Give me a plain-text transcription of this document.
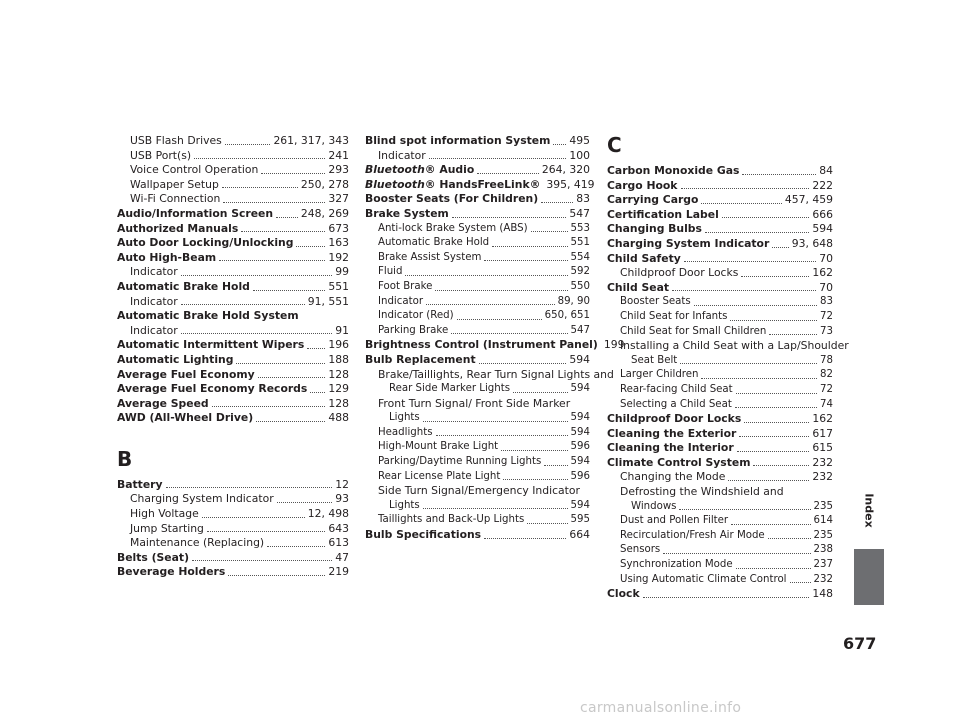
USB Flash Drives	261, 317, 343
USB Port(s)	241
Voice Control Operation	293
Wallpaper Setup	250, 278
Wi-Fi Connection	327
Audio/Information Screen	248, 269
Authorized Manuals	673
Auto Door Locking/Unlocking	163
Auto High-Beam	192
Indicator	99
Automatic Brake Hold	551
Indicator	91, 551
Automatic Brake Hold System
Indicator	91
Automatic Intermittent Wipers 196
Automatic Lighting	188
Average Fuel Economy	128
Average Fuel Economy Records 129
Average Speed	128
AWD (All-Wheel Drive)	488
B
Battery	12
Charging System Indicator	93
High Voltage	12, 498
Jump Starting	643
Maintenance (Replacing)	613
Belts (Seat)	47
Beverage Holders	219
Blind spot information System 495
Indicator	100
Bluetooth® Audio	264, 320
Bluetooth® HandsFreeLink® 395, 419
Booster Seats (For Children)	83
Brake System	547
Anti-lock Brake System (ABS)	553
Automatic Brake Hold	551
Brake Assist System	554
Fluid	592
Foot Brake	550
Indicator	89, 90
Indicator (Red)	650, 651
Parking Brake	547
Brightness Control (Instrument Panel) 199
Bulb Replacement	594
Brake/Taillights, Rear Turn Signal Lights and
Rear Side Marker Lights	594
Front Turn Signal/ Front Side Marker
Lights	594
Headlights	594
High-Mount Brake Light	596
Parking/Daytime Running Lights	594
Rear License Plate Light	596
Side Turn Signal/Emergency Indicator
Lights	594
Taillights and Back-Up Lights	595
Bulb Specifications	664
C
Carbon Monoxide Gas	84
Cargo Hook	222
Carrying Cargo	457, 459
Certification Label	666
Changing Bulbs	594
Charging System Indicator 93, 648
Child Safety	70
Childproof Door Locks	162
Child Seat	70
Booster Seats	83
Child Seat for Infants	72
Child Seat for Small Children	73
Installing a Child Seat with a Lap/Shoulder
Seat Belt	78
Larger Children	82
Rear-facing Child Seat	72
Selecting a Child Seat	74
Childproof Door Locks	162
Cleaning the Exterior	617
Cleaning the Interior	615
Climate Control System	232
Changing the Mode	232
Defrosting the Windshield and
Windows	235
Dust and Pollen Filter	614
Recirculation/Fresh Air Mode	235
Sensors	238
Synchronization Mode	237
Using Automatic Climate Control	232
Clock	148
Index
677
carmanualsonline.info
